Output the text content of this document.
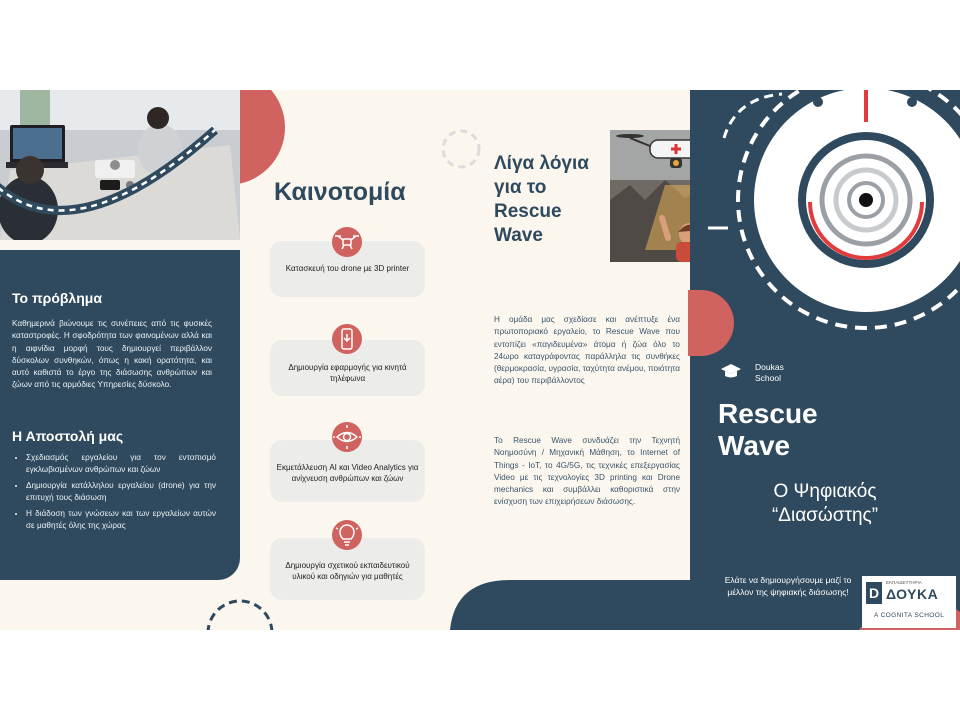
Το πρόβλημα
Καθημερινά βιώνουμε τις συνέπειες από τις φυσικές καταστροφές. Η σφοδρότητα των φαινομένων αλλά και η αιφνίδια μορφή τους δημιουργεί περιβάλλον δύσκολων συνθηκών, όπως η κακή ορατότητα, και αυτό καθιστά το έργο της διάσωσης ανθρώπων και ζώων από τις αρμόδιες Υπηρεσίες δύσκολο.
Η Αποστολή μας
• Σχεδιασμός εργαλείου για τον εντοπισμό εγκλωβισμένων ανθρώπων και ζώων
• Δημιουργία κατάλληλου εργαλείου (drone) για την επιτυχή τους διάσωση
• Η διάδοση των γνώσεων και των εργαλείων αυτών σε μαθητές όλης της χώρας
Καινοτομία
Κατασκευή του drone με 3D printer
Δημιουργία εφαρμογής για κινητά τηλέφωνα
Εκμετάλλευση AI και Video Analytics για ανίχνευση ανθρώπων και ζώων
Δημιουργία σχετικού εκπαιδευτικού υλικού και οδηγιών για μαθητές
Λίγα λόγια
για το
Rescue
Wave
Η ομάδα μας σχεδίασε και ανέπτυξε ένα πρωτοποριακό εργαλείο, το Rescue Wave που εντοπίζει «παγιδευμένα» άτομα ή ζώα όλο το 24ωρο καταγράφοντας παράλληλα τις συνθήκες (θερμοκρασία, υγρασία, ταχύτητα ανέμου, ποιότητα αέρα) του περιβάλλοντος
Το Rescue Wave συνδυάζει την Τεχνητή Νοημοσύνη / Μηχανική Μάθηση, το Internet of Things - IoT, το 4G/5G, τις τεχνικές επεξεργασίας Video με τις τεχνολογίες 3D printing και Drone mechanics και συμβάλλει καθοριστικά στην ενίσχυση των επιχειρήσεων διάσωσης.
Doukas
School
Rescue
Wave
Ο Ψηφιακός
“Διασώστης”
Ελάτε να δημιουργήσουμε μαζί το μέλλον της ψηφιακής διάσωσης!	D
ΕΚΠΑΙΔΕΥΤΗΡΙΑ
ΔΟΥΚΑ
A COGNITA SCHOOL
